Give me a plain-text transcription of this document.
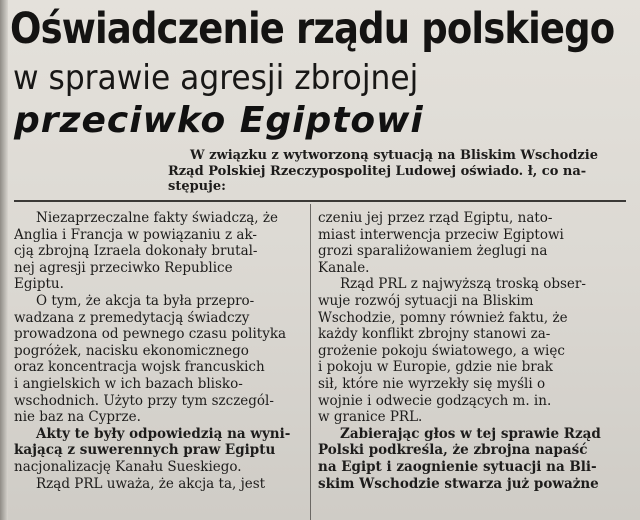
Oświadczenie rządu polskiego
w sprawie agresji zbrojnej
przeciwko Egiptowi
W związku z wytworzoną sytuacją na Bliskim Wschodzie
Rząd Polskiej Rzeczypospolitej Ludowej oświado. ł, co na-
stępuje:
Niezaprzeczalne fakty świadczą, że
Anglia i Francja w powiązaniu z ak-
cją zbrojną Izraela dokonały brutal-
nej agresji przeciwko Republice
Egiptu.
O tym, że akcja ta była przepro-
wadzana z premedytacją świadczy
prowadzona od pewnego czasu polityka
pogróżek, nacisku ekonomicznego
oraz koncentracja wojsk francuskich
i angielskich w ich bazach blisko-
wschodnich. Użyto przy tym szczegól-
nie baz na Cyprze.
Akty te były odpowiedzią na wyni-
kającą z suwerennych praw Egiptu
nacjonalizację Kanału Sueskiego.
Rząd PRL uważa, że akcja ta, jest
czeniu jej przez rząd Egiptu, nato-
miast interwencja przeciw Egiptowi
grozi sparaliżowaniem żeglugi na
Kanale.
Rząd PRL z najwyższą troską obser-
wuje rozwój sytuacji na Bliskim
Wschodzie, pomny również faktu, że
każdy konflikt zbrojny stanowi za-
grożenie pokoju światowego, a więc
i pokoju w Europie, gdzie nie brak
sił, które nie wyrzekły się myśli o
wojnie i odwecie godzących m. in.
w granice PRL.
Zabierając głos w tej sprawie Rząd
Polski podkreśla, że zbrojna napaść
na Egipt i zaognienie sytuacji na Bli-
skim Wschodzie stwarza już poważne
